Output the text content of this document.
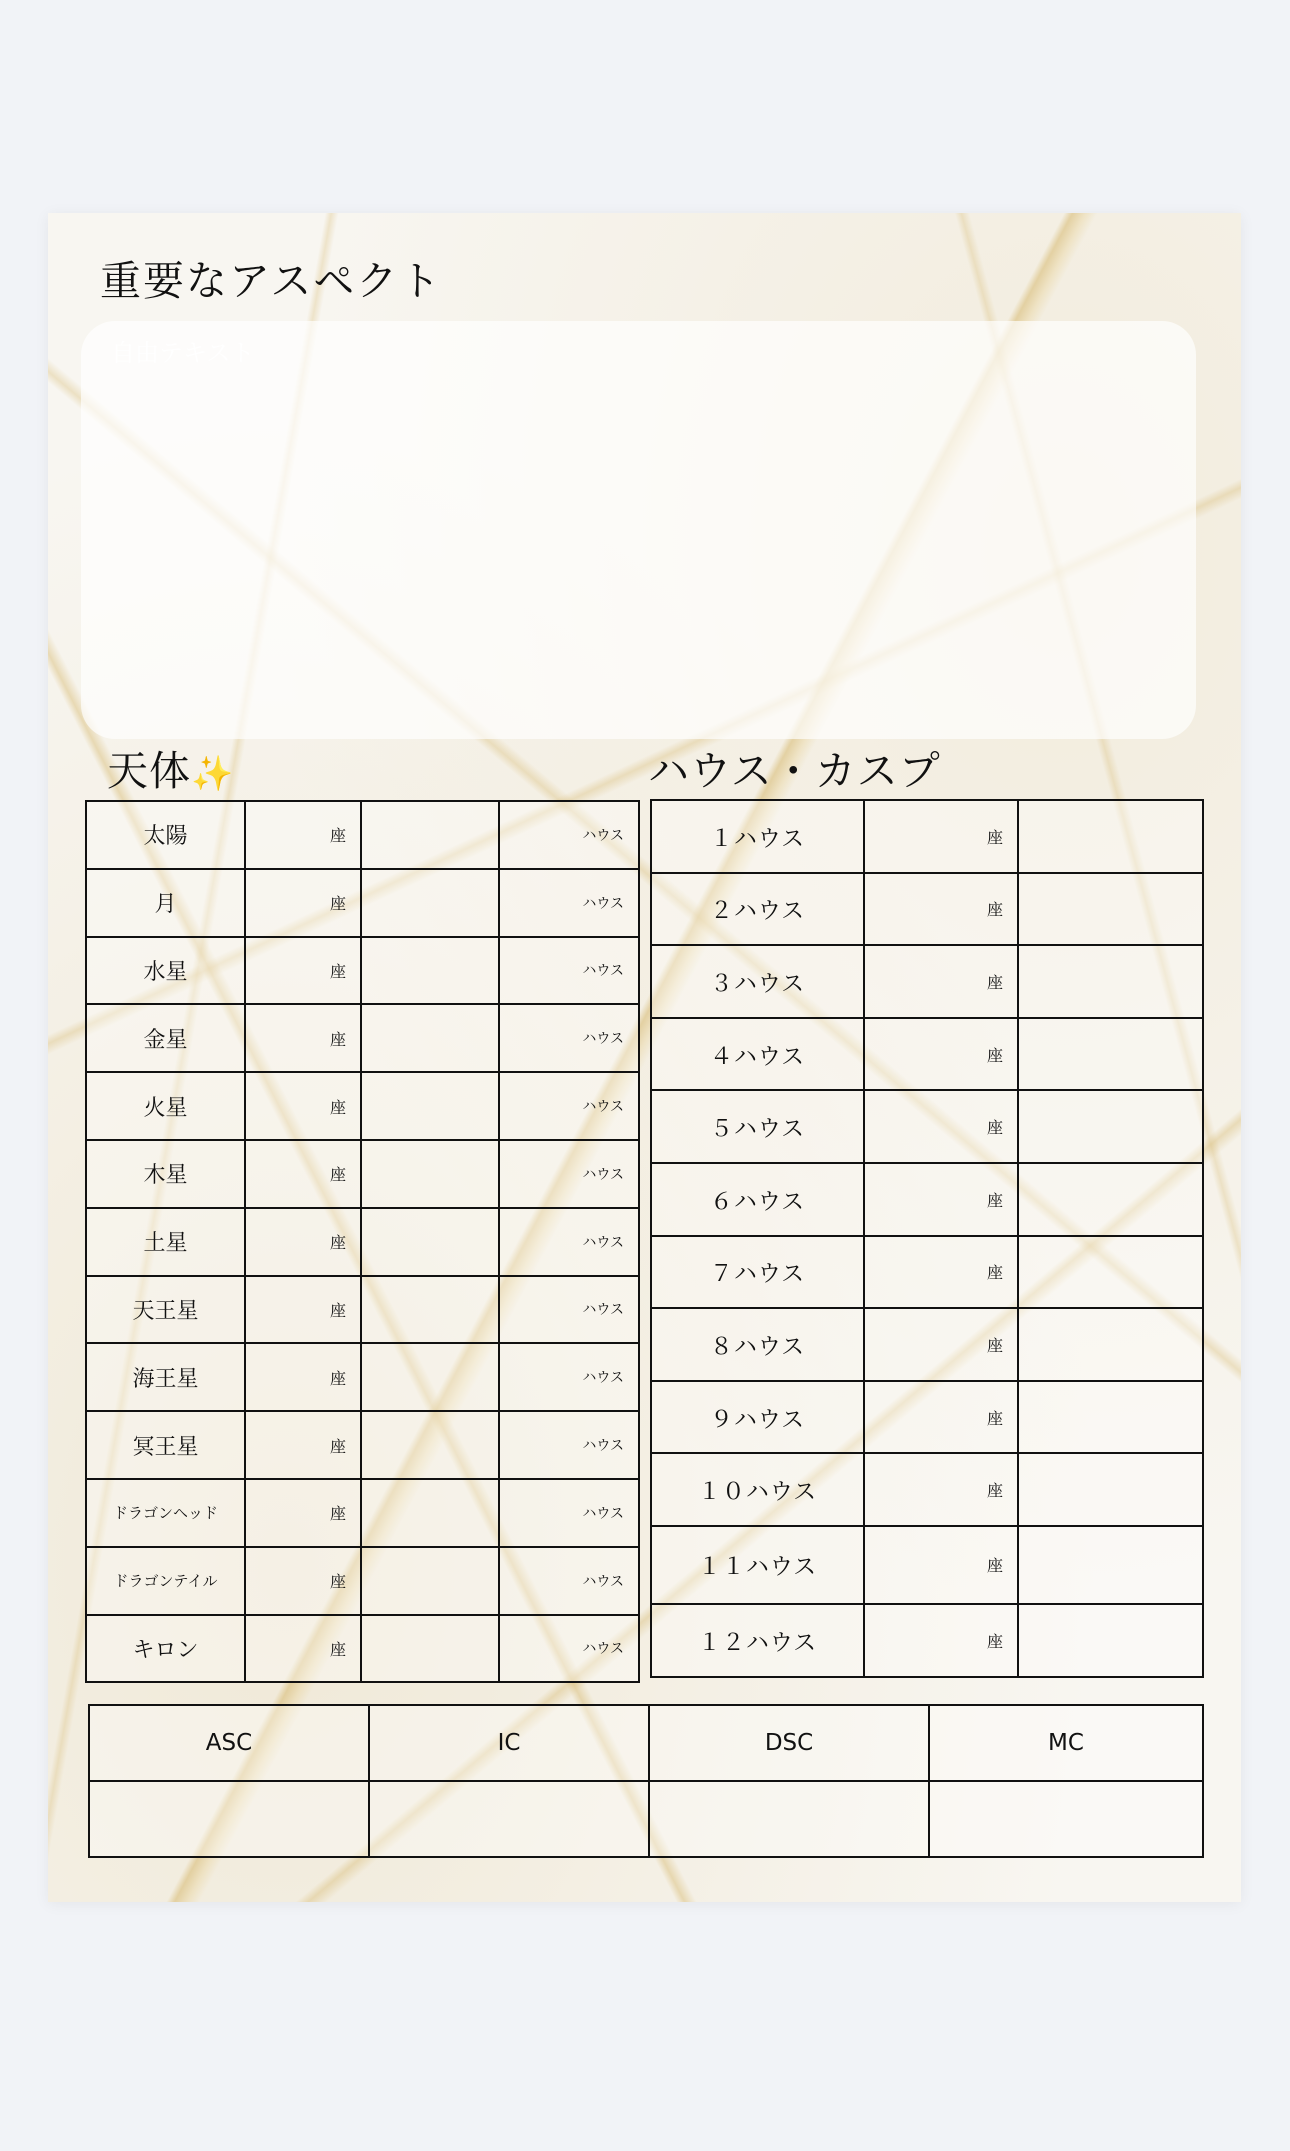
重要なアスペクト
自由テキスト
天体✨	ハウス・カスプ
太陽	座		ハウス
月	座		ハウス
水星	座		ハウス
金星	座		ハウス
火星	座		ハウス
木星	座		ハウス
土星	座		ハウス
天王星	座		ハウス
海王星	座		ハウス
冥王星	座		ハウス
ドラゴンヘッド	座		ハウス
ドラゴンテイル	座		ハウス
キロン	座		ハウス
１ハウス	座	
２ハウス	座	
３ハウス	座	
４ハウス	座	
５ハウス	座	
６ハウス	座	
７ハウス	座	
８ハウス	座	
９ハウス	座	
１０ハウス	座	
１１ハウス	座	
１２ハウス	座	
ASC	IC	DSC	MC
